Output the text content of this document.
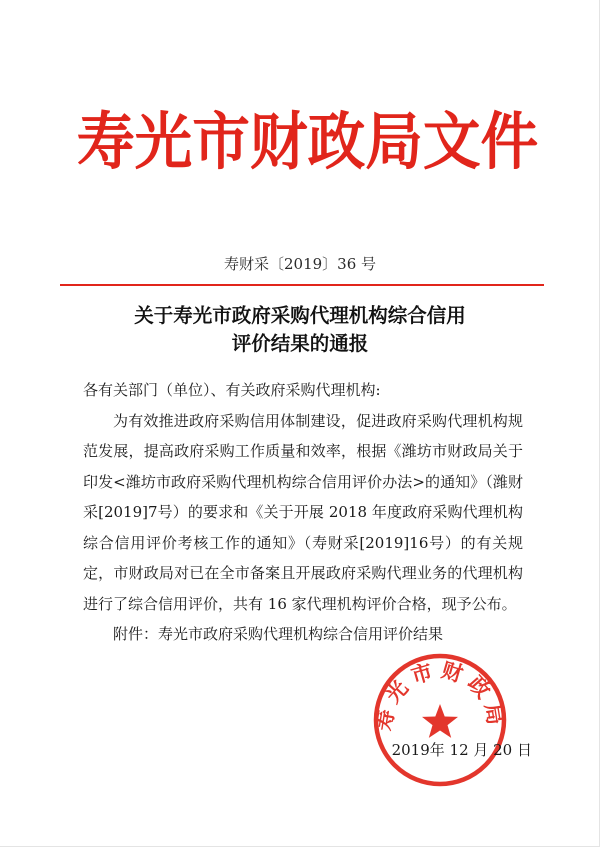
寿光市财政局文件
寿财采〔2019〕36 号
关于寿光市政府采购代理机构综合信用
评价结果的通报

各有关部门（单位）、有关政府采购代理机构:

为有效推进政府采购信用体制建设，促进政府采购代理机构规范发展，提高政府采购工作质量和效率，根据《潍坊市财政局关于印发<潍坊市政府采购代理机构综合信用评价办法>的通知》（潍财采[2019]7号）的要求和《关于开展 2018 年度政府采购代理机构综合信用评价考核工作的通知》（寿财采[2019]16号）的有关规定，市财政局对已在全市备案且开展政府采购代理业务的代理机构进行了综合信用评价，共有 16 家代理机构评价合格，现予公布。

附件：寿光市政府采购代理机构综合信用评价结果

寿光市财政局
2019年 12 月 20 日
